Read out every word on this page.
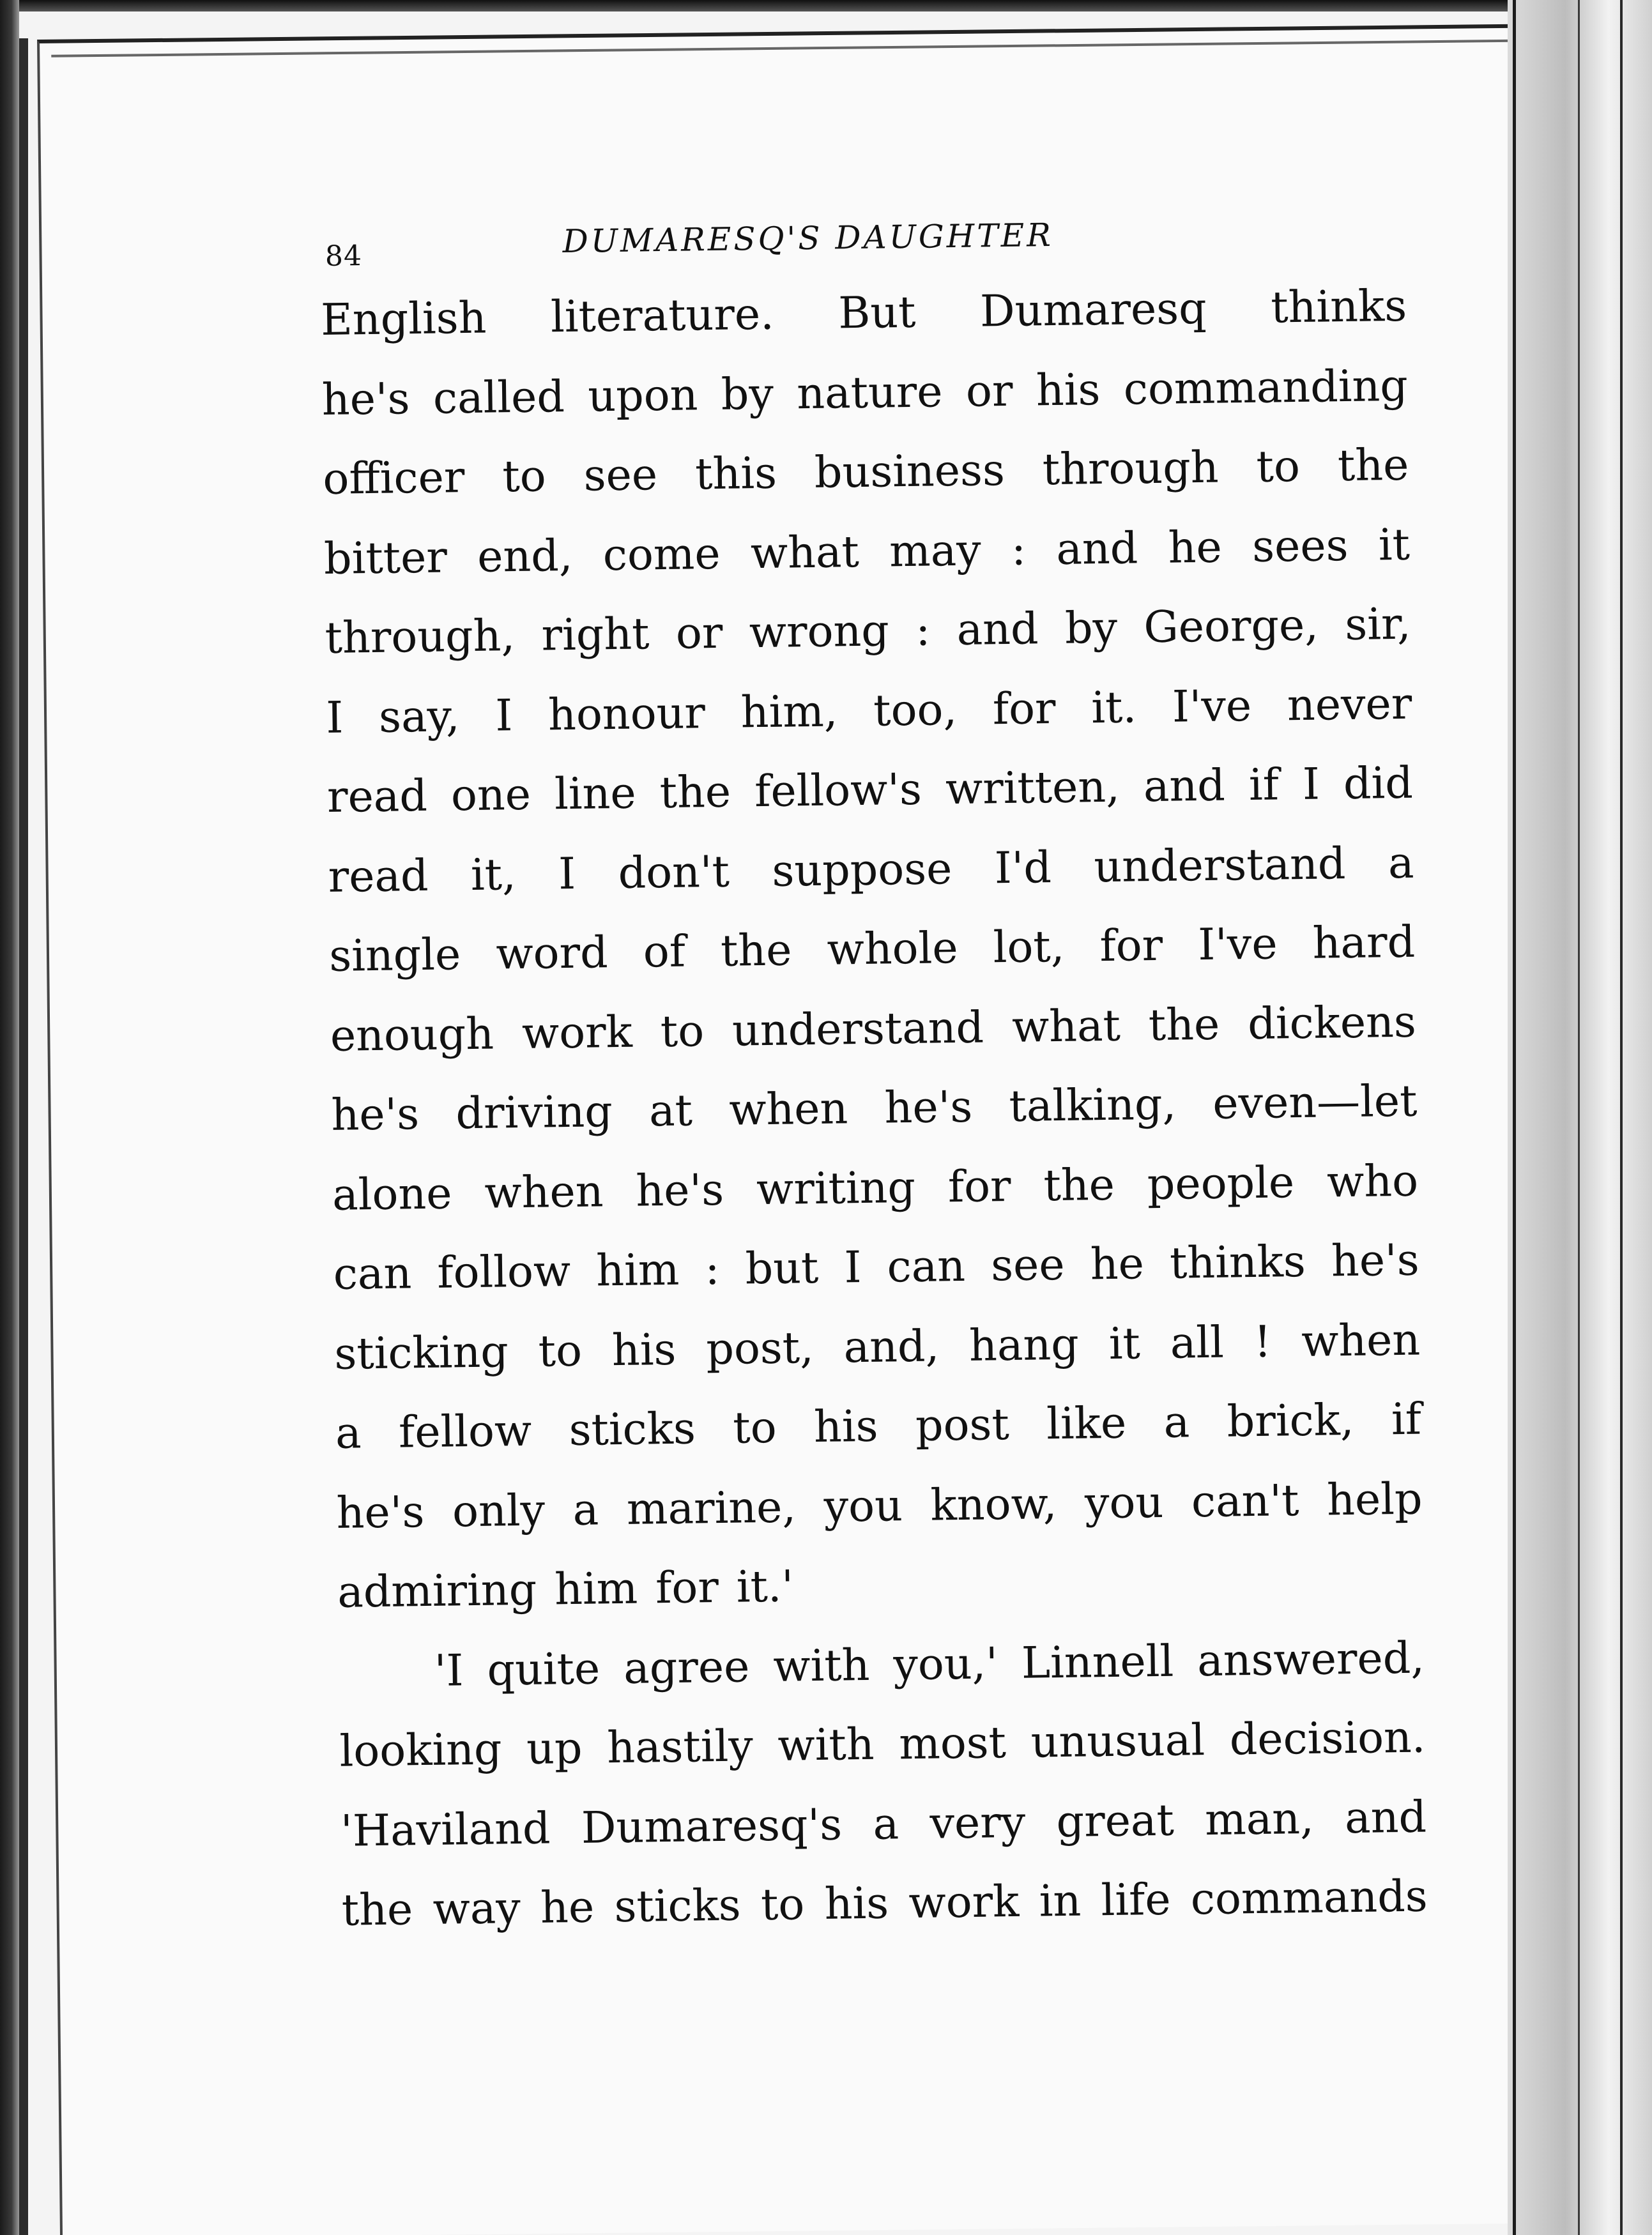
84	DUMARESQ'S DAUGHTER
English literature. But Dumaresq thinks
he's called upon by nature or his commanding
officer to see this business through to the
bitter end, come what may : and he sees it
through, right or wrong : and by George, sir,
I say, I honour him, too, for it. I've never
read one line the fellow's written, and if I did
read it, I don't suppose I'd understand a
single word of the whole lot, for I've hard
enough work to understand what the dickens
he's driving at when he's talking, even—let
alone when he's writing for the people who
can follow him : but I can see he thinks he's
sticking to his post, and, hang it all ! when
a fellow sticks to his post like a brick, if
he's only a marine, you know, you can't help
admiring him for it.'
'I quite agree with you,' Linnell answered,
looking up hastily with most unusual decision.
'Haviland Dumaresq's a very great man, and
the way he sticks to his work in life commands
